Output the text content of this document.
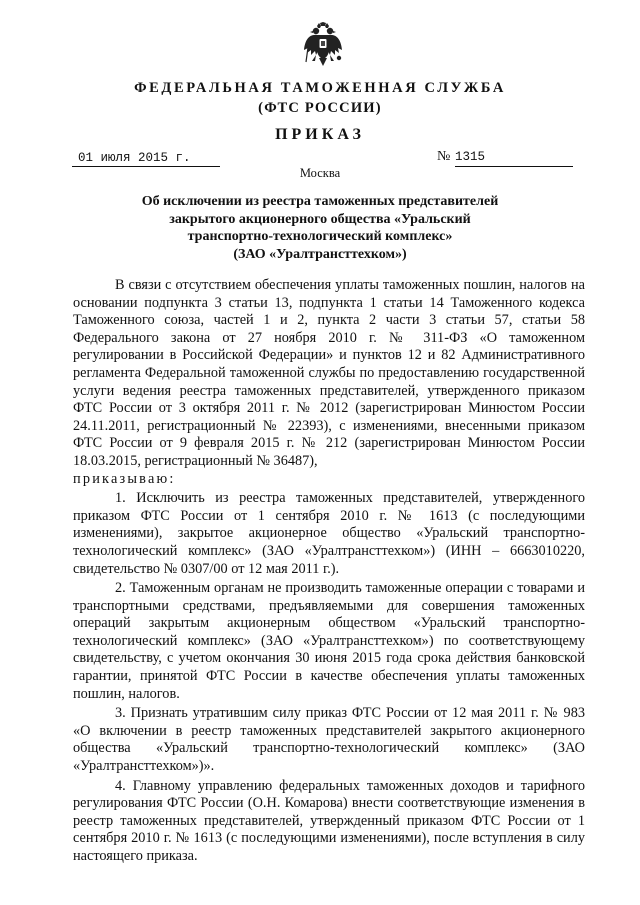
ФЕДЕРАЛЬНАЯ ТАМОЖЕННАЯ СЛУЖБА
(ФТС РОССИИ)
ПРИКАЗ
01 июля 2015 г.	№ 1315
Москва
Об исключении из реестра таможенных представителей
закрытого акционерного общества «Уральский
транспортно-технологический комплекс»
(ЗАО «Уралтрансттехком»)

В связи с отсутствием обеспечения уплаты таможенных пошлин, налогов на основании подпункта 3 статьи 13, подпункта 1 статьи 14 Таможенного кодекса Таможенного союза, частей 1 и 2, пункта 2 части 3 статьи 57, статьи 58 Федерального закона от 27 ноября 2010 г. № 311-ФЗ «О таможенном регулировании в Российской Федерации» и пунктов 12 и 82 Административного регламента Федеральной таможенной службы по предоставлению государственной услуги ведения реестра таможенных представителей, утвержденного приказом ФТС России от 3 октября 2011 г. № 2012 (зарегистрирован Минюстом России 24.11.2011, регистрационный № 22393), с изменениями, внесенными приказом ФТС России от 9 февраля 2015 г. № 212 (зарегистрирован Минюстом России 18.03.2015, регистрационный № 36487),

приказываю:

1. Исключить из реестра таможенных представителей, утвержденного приказом ФТС России от 1 сентября 2010 г. № 1613 (с последующими изменениями), закрытое акционерное общество «Уральский транспортно-технологический комплекс» (ЗАО «Уралтрансттехком») (ИНН – 6663010220, свидетельство № 0307/00 от 12 мая 2011 г.).

2. Таможенным органам не производить таможенные операции с товарами и транспортными средствами, предъявляемыми для совершения таможенных операций закрытым акционерным обществом «Уральский транспортно-технологический комплекс» (ЗАО «Уралтрансттехком») по соответствующему свидетельству, с учетом окончания 30 июня 2015 года срока действия банковской гарантии, принятой ФТС России в качестве обеспечения уплаты таможенных пошлин, налогов.

3. Признать утратившим силу приказ ФТС России от 12 мая 2011 г. № 983 «О включении в реестр таможенных представителей закрытого акционерного общества «Уральский транспортно-технологический комплекс» (ЗАО «Уралтрансттехком»)».

4. Главному управлению федеральных таможенных доходов и тарифного регулирования ФТС России (О.Н. Комарова) внести соответствующие изменения в реестр таможенных представителей, утвержденный приказом ФТС России от 1 сентября 2010 г. № 1613 (с последующими изменениями), после вступления в силу настоящего приказа.
